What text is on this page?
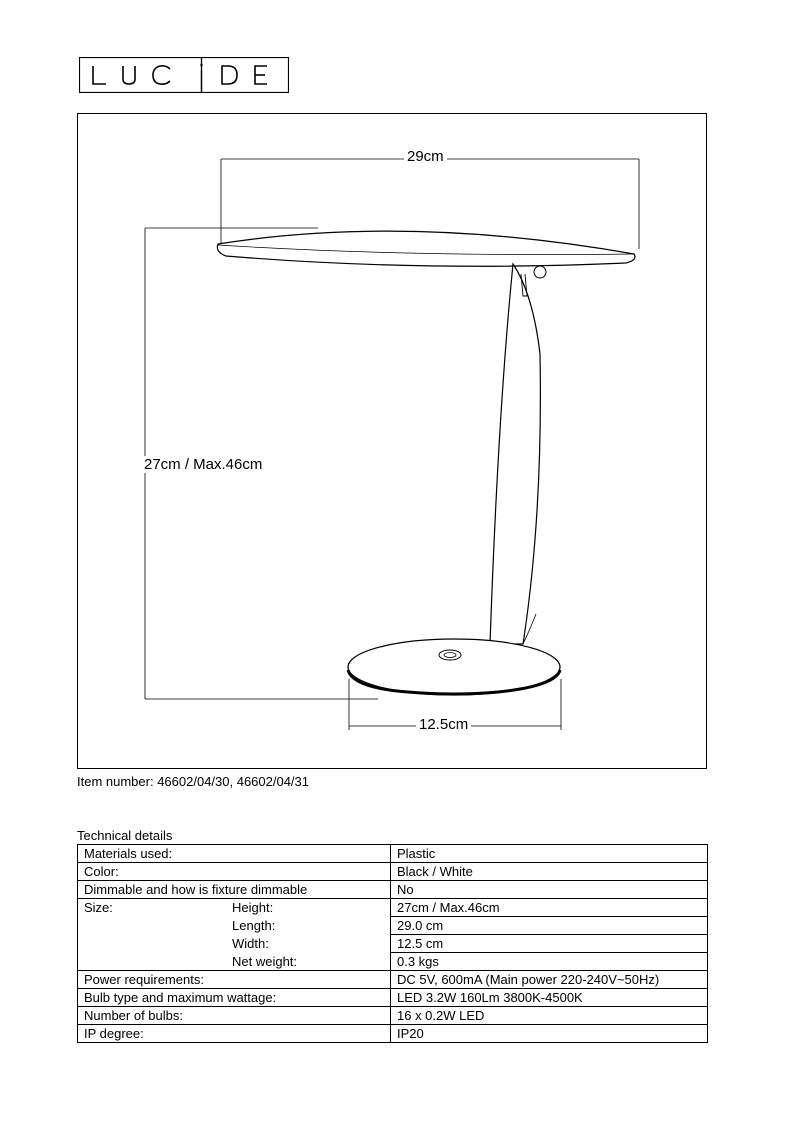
29cm
27cm / Max.46cm
12.5cm
Item number: 46602/04/30, 46602/04/31
Technical details
Materials used:	Plastic
Color:	Black / White
Dimmable and how is fixture dimmable	No
Size: Height:	27cm / Max.46cm
Length:	29.0 cm
Width:	12.5 cm
Net weight:	0.3 kgs
Power requirements:	DC 5V, 600mA (Main power 220-240V~50Hz)
Bulb type and maximum wattage:	LED 3.2W 160Lm 3800K-4500K
Number of bulbs:	16 x 0.2W LED
IP degree:	IP20
